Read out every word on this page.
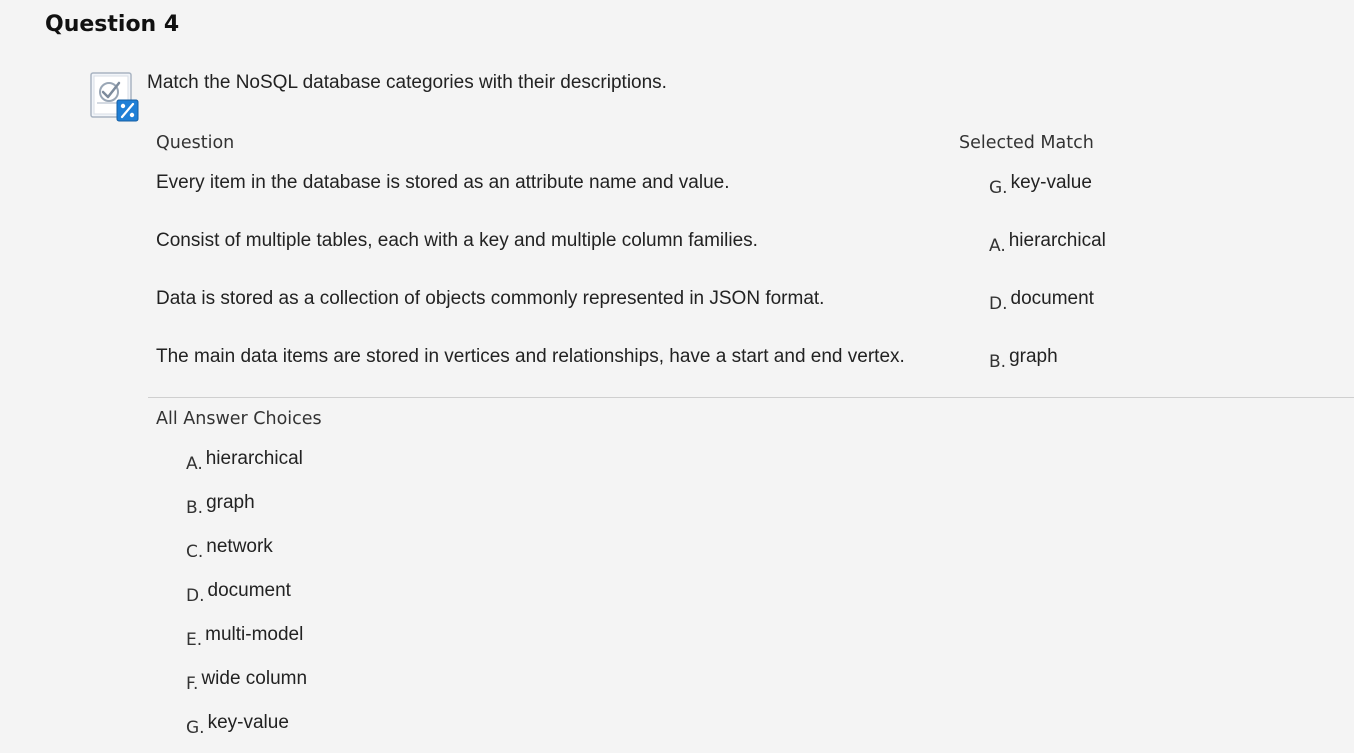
Question 4
Match the NoSQL database categories with their descriptions.
Question	Selected Match
Every item in the database is stored as an attribute name and value.	G. key-value
Consist of multiple tables, each with a key and multiple column families.	A. hierarchical
Data is stored as a collection of objects commonly represented in JSON format.	D. document
The main data items are stored in vertices and relationships, have a start and end vertex.	B. graph
All Answer Choices
A. hierarchical
B. graph
C. network
D. document
E. multi-model
F. wide column
G. key-value
